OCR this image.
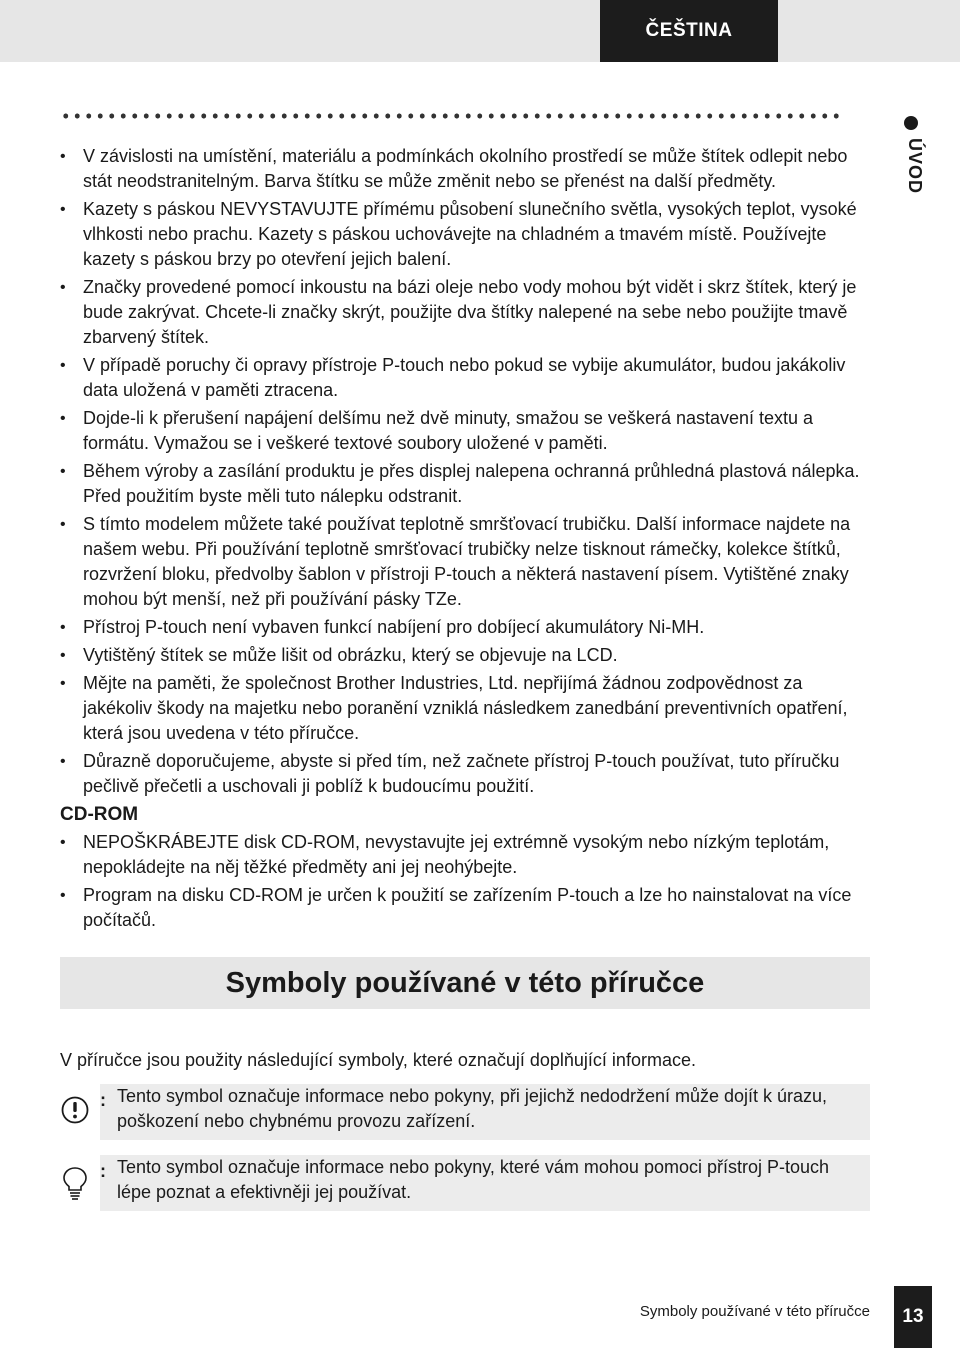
ČEŠTINA
ÚVOD
• V závislosti na umístění, materiálu a podmínkách okolního prostředí se může štítek odlepit nebo stát neodstranitelným. Barva štítku se může změnit nebo se přenést na další předměty.
• Kazety s páskou NEVYSTAVUJTE přímému působení slunečního světla, vysokých teplot, vysoké vlhkosti nebo prachu. Kazety s páskou uchovávejte na chladném a tmavém místě. Používejte kazety s páskou brzy po otevření jejich balení.
• Značky provedené pomocí inkoustu na bázi oleje nebo vody mohou být vidět i skrz štítek, který je bude zakrývat. Chcete-li značky skrýt, použijte dva štítky nalepené na sebe nebo použijte tmavě zbarvený štítek.
• V případě poruchy či opravy přístroje P-touch nebo pokud se vybije akumulátor, budou jakákoliv data uložená v paměti ztracena.
• Dojde-li k přerušení napájení delšímu než dvě minuty, smažou se veškerá nastavení textu a formátu. Vymažou se i veškeré textové soubory uložené v paměti.
• Během výroby a zasílání produktu je přes displej nalepena ochranná průhledná plastová nálepka. Před použitím byste měli tuto nálepku odstranit.
• S tímto modelem můžete také používat teplotně smršťovací trubičku. Další informace najdete na našem webu. Při používání teplotně smršťovací trubičky nelze tisknout rámečky, kolekce štítků, rozvržení bloku, předvolby šablon v přístroji P-touch a některá nastavení písem. Vytištěné znaky mohou být menší, než při používání pásky TZe.
• Přístroj P-touch není vybaven funkcí nabíjení pro dobíjecí akumulátory Ni-MH.
• Vytištěný štítek se může lišit od obrázku, který se objevuje na LCD.
• Mějte na paměti, že společnost Brother Industries, Ltd. nepřijímá žádnou zodpovědnost za jakékoliv škody na majetku nebo poranění vzniklá následkem zanedbání preventivních opatření, která jsou uvedena v této příručce.
• Důrazně doporučujeme, abyste si před tím, než začnete přístroj P-touch používat, tuto příručku pečlivě přečetli a uschovali ji poblíž k budoucímu použití.
CD-ROM
• NEPOŠKRÁBEJTE disk CD-ROM, nevystavujte jej extrémně vysokým nebo nízkým teplotám, nepokládejte na něj těžké předměty ani jej neohýbejte.
• Program na disku CD-ROM je určen k použití se zařízením P-touch a lze ho nainstalovat na více počítačů.
Symboly používané v této příručce
V příručce jsou použity následující symboly, které označují doplňující informace.
: Tento symbol označuje informace nebo pokyny, při jejichž nedodržení může dojít k úrazu, poškození nebo chybnému provozu zařízení.
: Tento symbol označuje informace nebo pokyny, které vám mohou pomoci přístroj P-touch lépe poznat a efektivněji jej používat.
Symboly používané v této příručce	13
